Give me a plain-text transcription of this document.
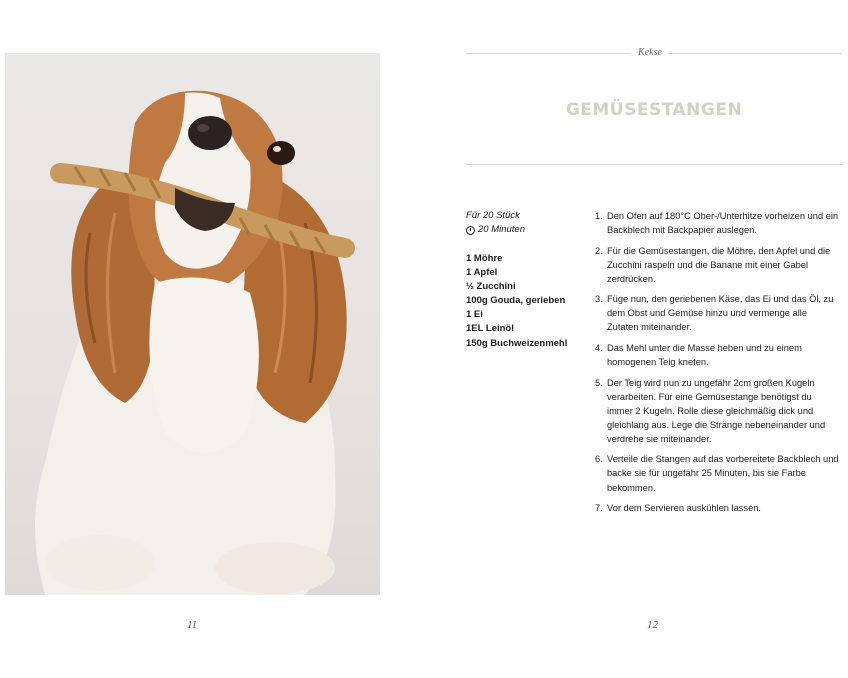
11
Kekse
GEMÜSESTANGEN
Für 20 Stück
20 Minuten
1 Möhre
1 Apfel
½ Zucchini
100g Gouda, gerieben
1 Ei
1EL Leinöl
150g Buchweizenmehl
1. Den Ofen auf 180°C Ober-/Unterhitze vorheizen und ein Backblech mit Backpapier auslegen.
2. Für die Gemüsestangen, die Möhre, den Apfel und die Zucchini raspeln und die Banane mit einer Gabel zerdrücken.
3. Füge nun, den geriebenen Käse, das Ei und das Öl, zu dem Obst und Gemüse hinzu und vermenge alle Zutaten miteinander.
4. Das Mehl unter die Masse heben und zu einem homogenen Teig kneten.
5. Der Teig wird nun zu ungefähr 2cm großen Kugeln verarbeiten. Für eine Gemüsestange benötigst du immer 2 Kugeln. Rolle diese gleichmäßig dick und gleichlang aus. Lege die Stränge nebeneinander und verdrehe sie miteinander.
6. Verteile die Stangen auf das vorbereitete Backblech und backe sie für ungefähr 25 Minuten, bis sie Farbe bekommen.
7. Vor dem Servieren auskühlen lassen.
12
